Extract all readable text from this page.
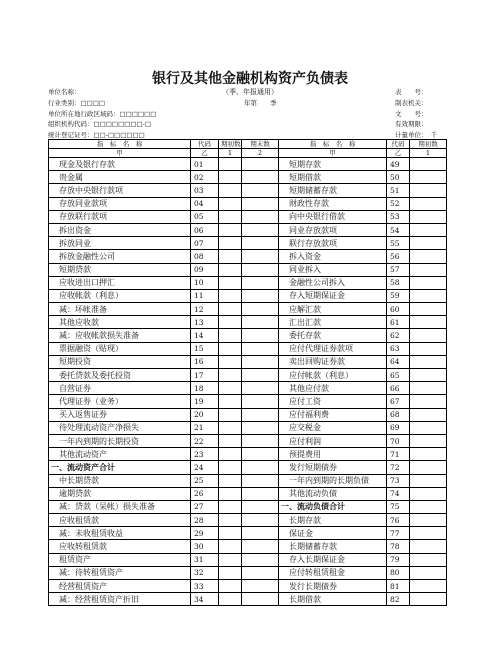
银行及其他金融机构资产负债表
（季、年报通用）
单位名称：	表　　号：
行业类别：□□□□	年第　　季	制表机关：
单位所在地行政区域码：□□□□□□	文　　号：
组织机构代码：□□□□□□□□-□	有效期限：
统计登记证号：□□-□□□□□□	计量单位：　千
指　标　名　称	代码	期初数	期末数	指　标　名　称	代码	期初数
甲	乙	1	2	甲	乙	1
现金及银行存款	01			短期存款	49	
贵金属	02			短期借款	50	
存放中央银行款项	03			短期储蓄存款	51	
存放同业款项	04			财政性存款	52	
存放联行款项	05			向中央银行借款	53	
拆出资金	06			同业存放款项	54	
拆放同业	07			联行存放款项	55	
拆放金融性公司	08			拆入资金	56	
短期贷款	09			同业拆入	57	
应收进出口押汇	10			金融性公司拆入	58	
应收帐款（利息）	11			存入短期保证金	59	
减：坏帐准备	12			应解汇款	60	
其他应收款	13			汇出汇款	61	
减：应收帐款损失准备	14			委托存款	62	
票据融资（贴现）	15			应付代理证券款项	63	
短期投资	16			卖出回购证券款	64	
委托贷款及委托投资	17			应付帐款（利息）	65	
自营证券	18			其他应付款	66	
代理证券（业务）	19			应付工资	67	
买入返售证券	20			应付福利费	68	
待处理流动资产净损失	21			应交税金	69	
一年内到期的长期投资	22			应付利润	70	
其他流动资产	23			预提费用	71	
一、流动资产合计	24			发行短期债券	72	
中长期贷款	25			一年内到期的长期负债	73	
逾期贷款	26			其他流动负债	74	
减：贷款（呆帐）损失准备	27			一、流动负债合计	75	
应收租赁款	28			长期存款	76	
减：未收租赁收益	29			保证金	77	
应收转租赁款	30			长期储蓄存款	78	
租赁资产	31			存入长期保证金	79	
减：待转租赁资产	32			应付转租赁租金	80	
经营租赁资产	33			发行长期债券	81	
减：经营租赁资产折旧	34			长期借款	82	
